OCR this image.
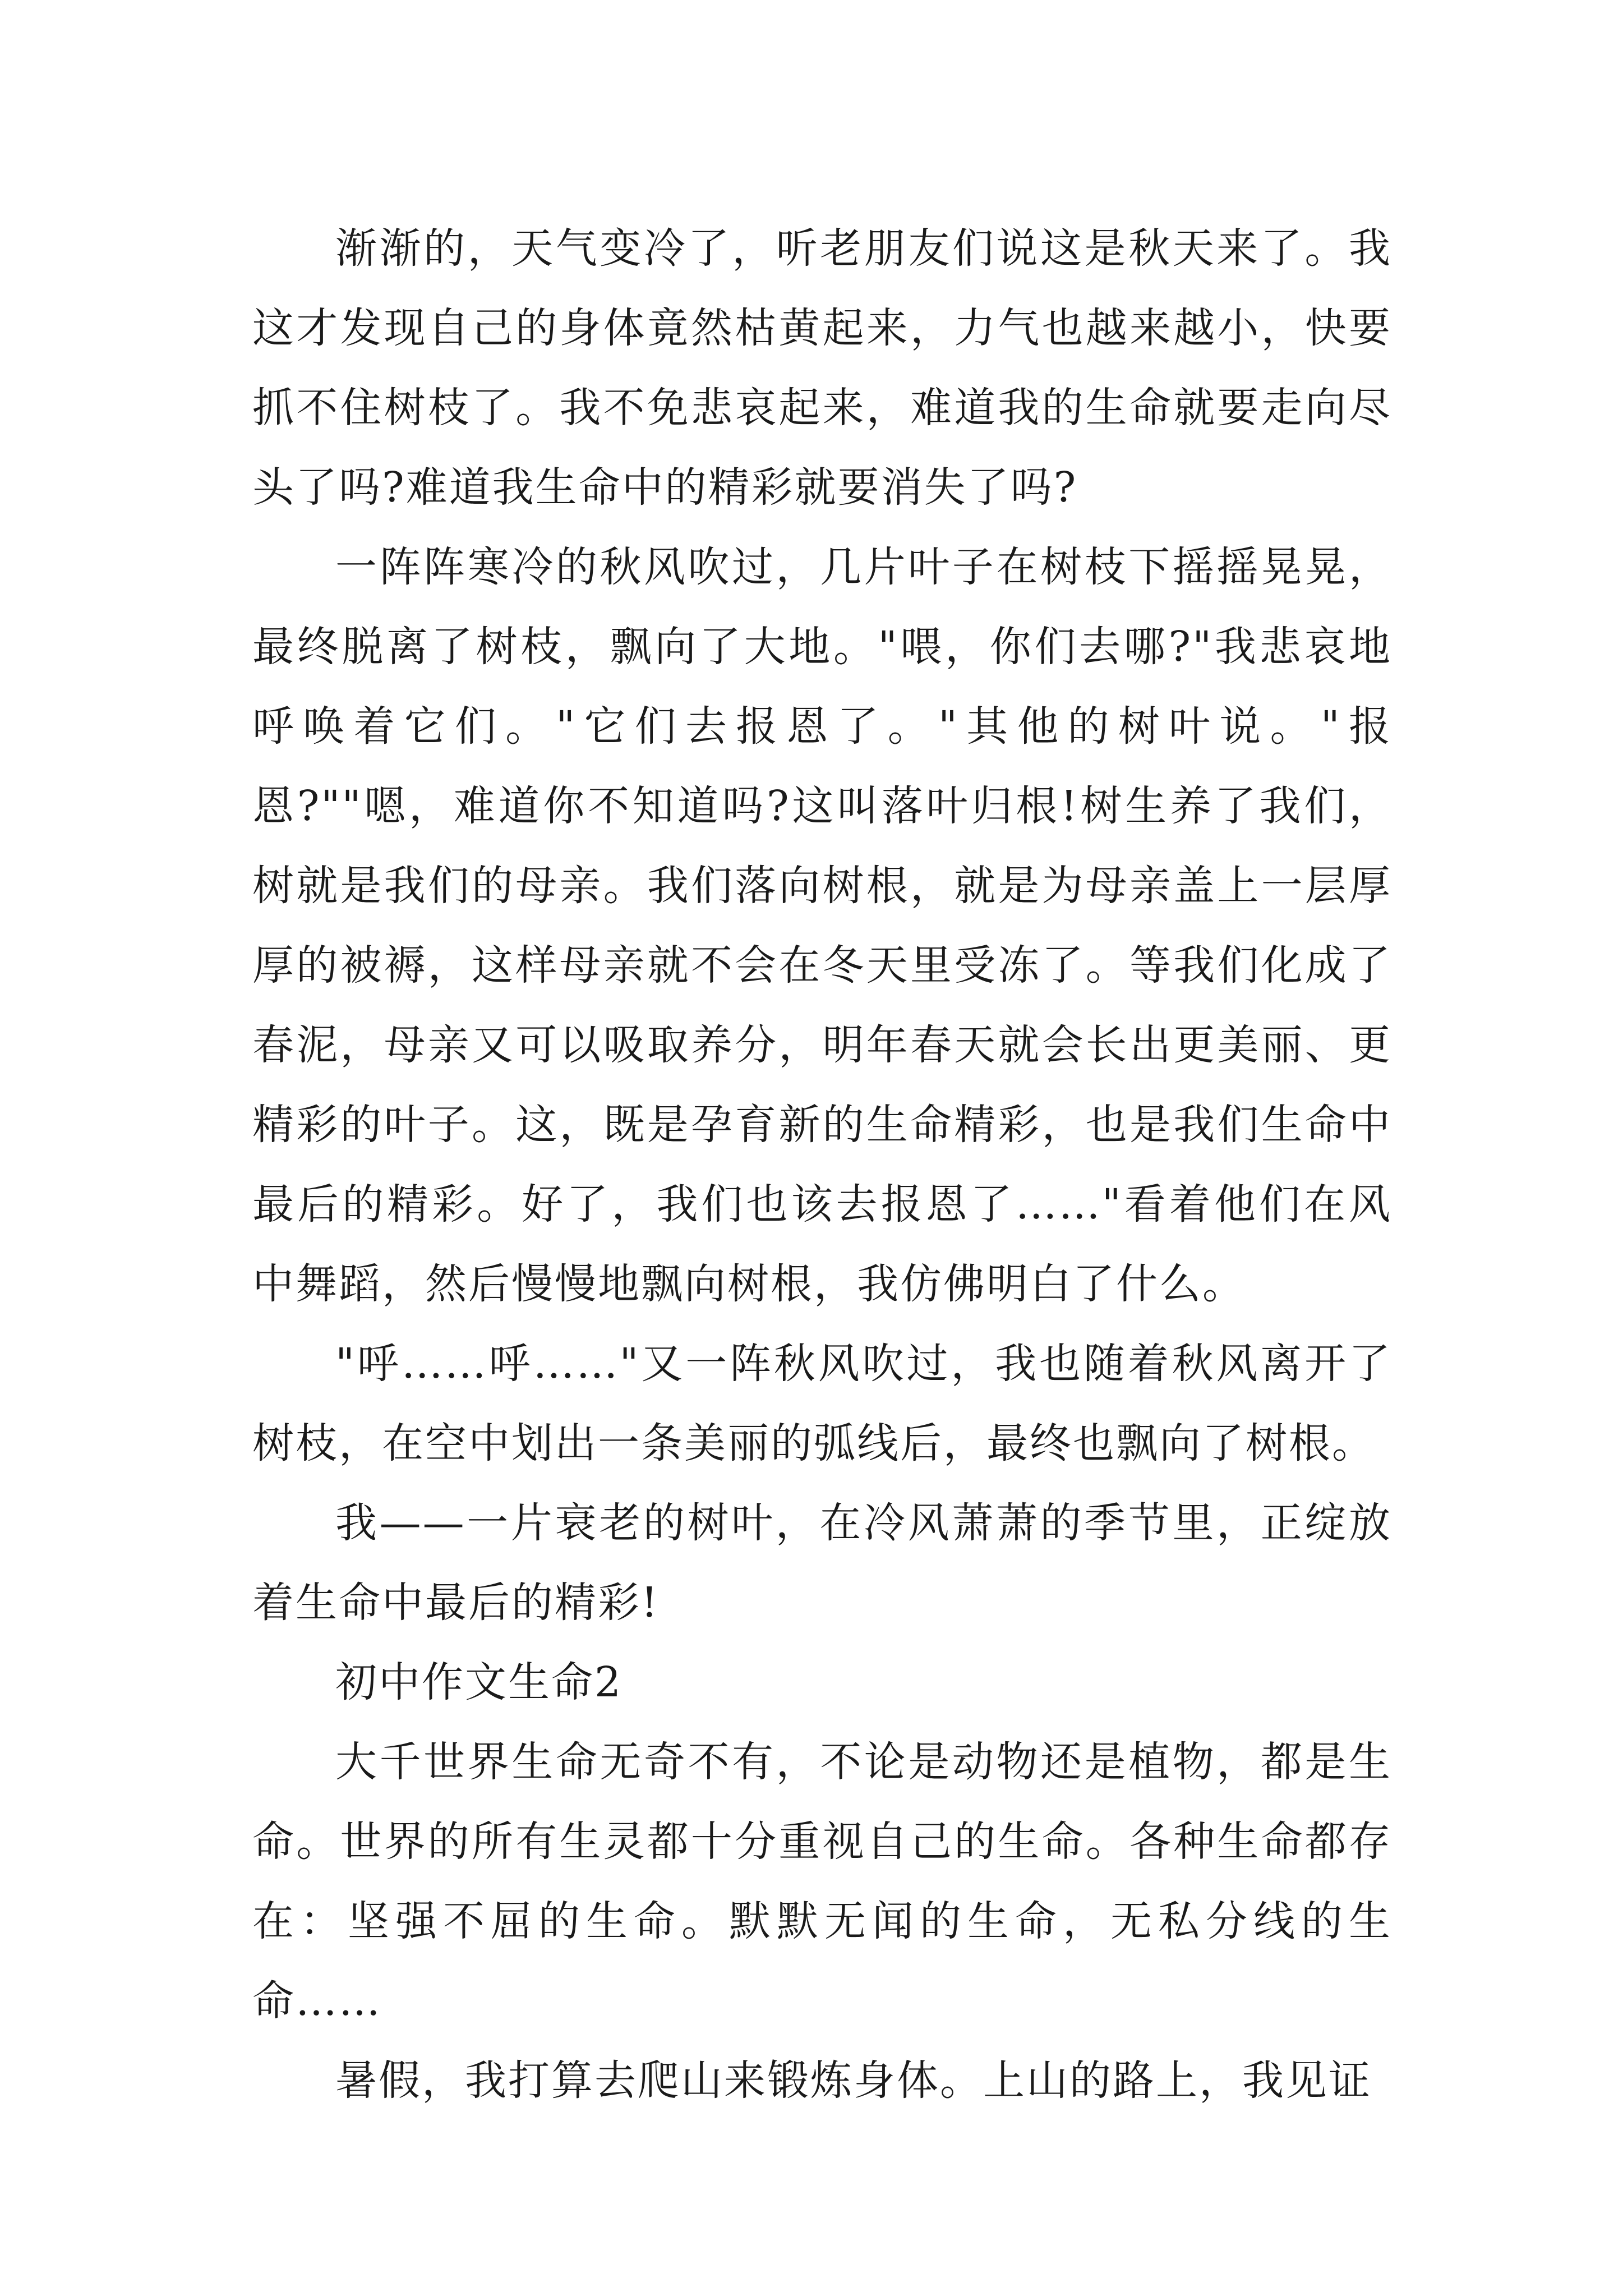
渐渐的，天气变冷了，听老朋友们说这是秋天来了。我这才发现自己的身体竟然枯黄起来，力气也越来越小，快要抓不住树枝了。我不免悲哀起来，难道我的生命就要走向尽头了吗?难道我生命中的精彩就要消失了吗?

一阵阵寒冷的秋风吹过，几片叶子在树枝下摇摇晃晃，最终脱离了树枝，飘向了大地。"喂，你们去哪?"我悲哀地呼唤着它们。"它们去报恩了。"其他的树叶说。"报恩?""嗯，难道你不知道吗?这叫落叶归根!树生养了我们，树就是我们的母亲。我们落向树根，就是为母亲盖上一层厚厚的被褥，这样母亲就不会在冬天里受冻了。等我们化成了春泥，母亲又可以吸取养分，明年春天就会长出更美丽、更精彩的叶子。这，既是孕育新的生命精彩，也是我们生命中最后的精彩。好了，我们也该去报恩了……"看着他们在风中舞蹈，然后慢慢地飘向树根，我仿佛明白了什么。

"呼……呼……"又一阵秋风吹过，我也随着秋风离开了树枝，在空中划出一条美丽的弧线后，最终也飘向了树根。

我——一片衰老的树叶，在冷风萧萧的季节里，正绽放着生命中最后的精彩!

初中作文生命2

大千世界生命无奇不有，不论是动物还是植物，都是生命。世界的所有生灵都十分重视自己的生命。各种生命都存在：坚强不屈的生命。默默无闻的生命，无私分线的生命……

暑假，我打算去爬山来锻炼身体。上山的路上，我见证
